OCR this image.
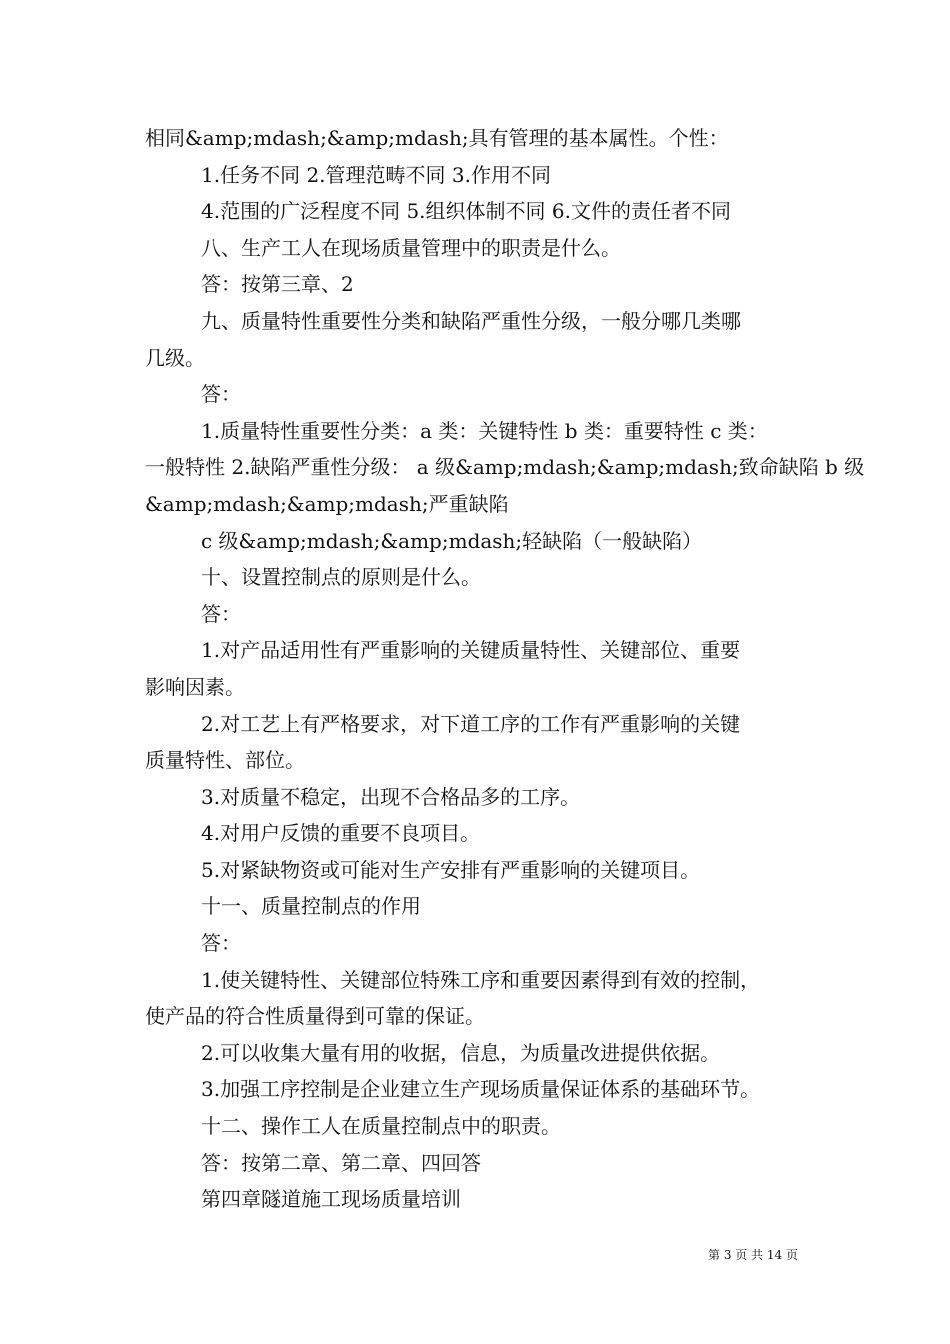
相同&amp;mdash;&amp;mdash;具有管理的基本属性。个性：

1.任务不同 2.管理范畴不同 3.作用不同

4.范围的广泛程度不同 5.组织体制不同 6.文件的责任者不同

八、生产工人在现场质量管理中的职责是什么。

答：按第三章、2

九、质量特性重要性分类和缺陷严重性分级，一般分哪几类哪

几级。

答：

1.质量特性重要性分类：a 类：关键特性 b 类：重要特性 c 类：

一般特性 2.缺陷严重性分级： a 级&amp;mdash;&amp;mdash;致命缺陷 b 级

&amp;mdash;&amp;mdash;严重缺陷

c 级&amp;mdash;&amp;mdash;轻缺陷（一般缺陷）

十、设置控制点的原则是什么。

答：

1.对产品适用性有严重影响的关键质量特性、关键部位、重要

影响因素。

2.对工艺上有严格要求，对下道工序的工作有严重影响的关键

质量特性、部位。

3.对质量不稳定，出现不合格品多的工序。

4.对用户反馈的重要不良项目。

5.对紧缺物资或可能对生产安排有严重影响的关键项目。

十一、质量控制点的作用

答：

1.使关键特性、关键部位特殊工序和重要因素得到有效的控制，

使产品的符合性质量得到可靠的保证。

2.可以收集大量有用的收据，信息，为质量改进提供依据。

3.加强工序控制是企业建立生产现场质量保证体系的基础环节。

十二、操作工人在质量控制点中的职责。

答：按第二章、第二章、四回答

第四章隧道施工现场质量培训

第 3 页 共 14 页
